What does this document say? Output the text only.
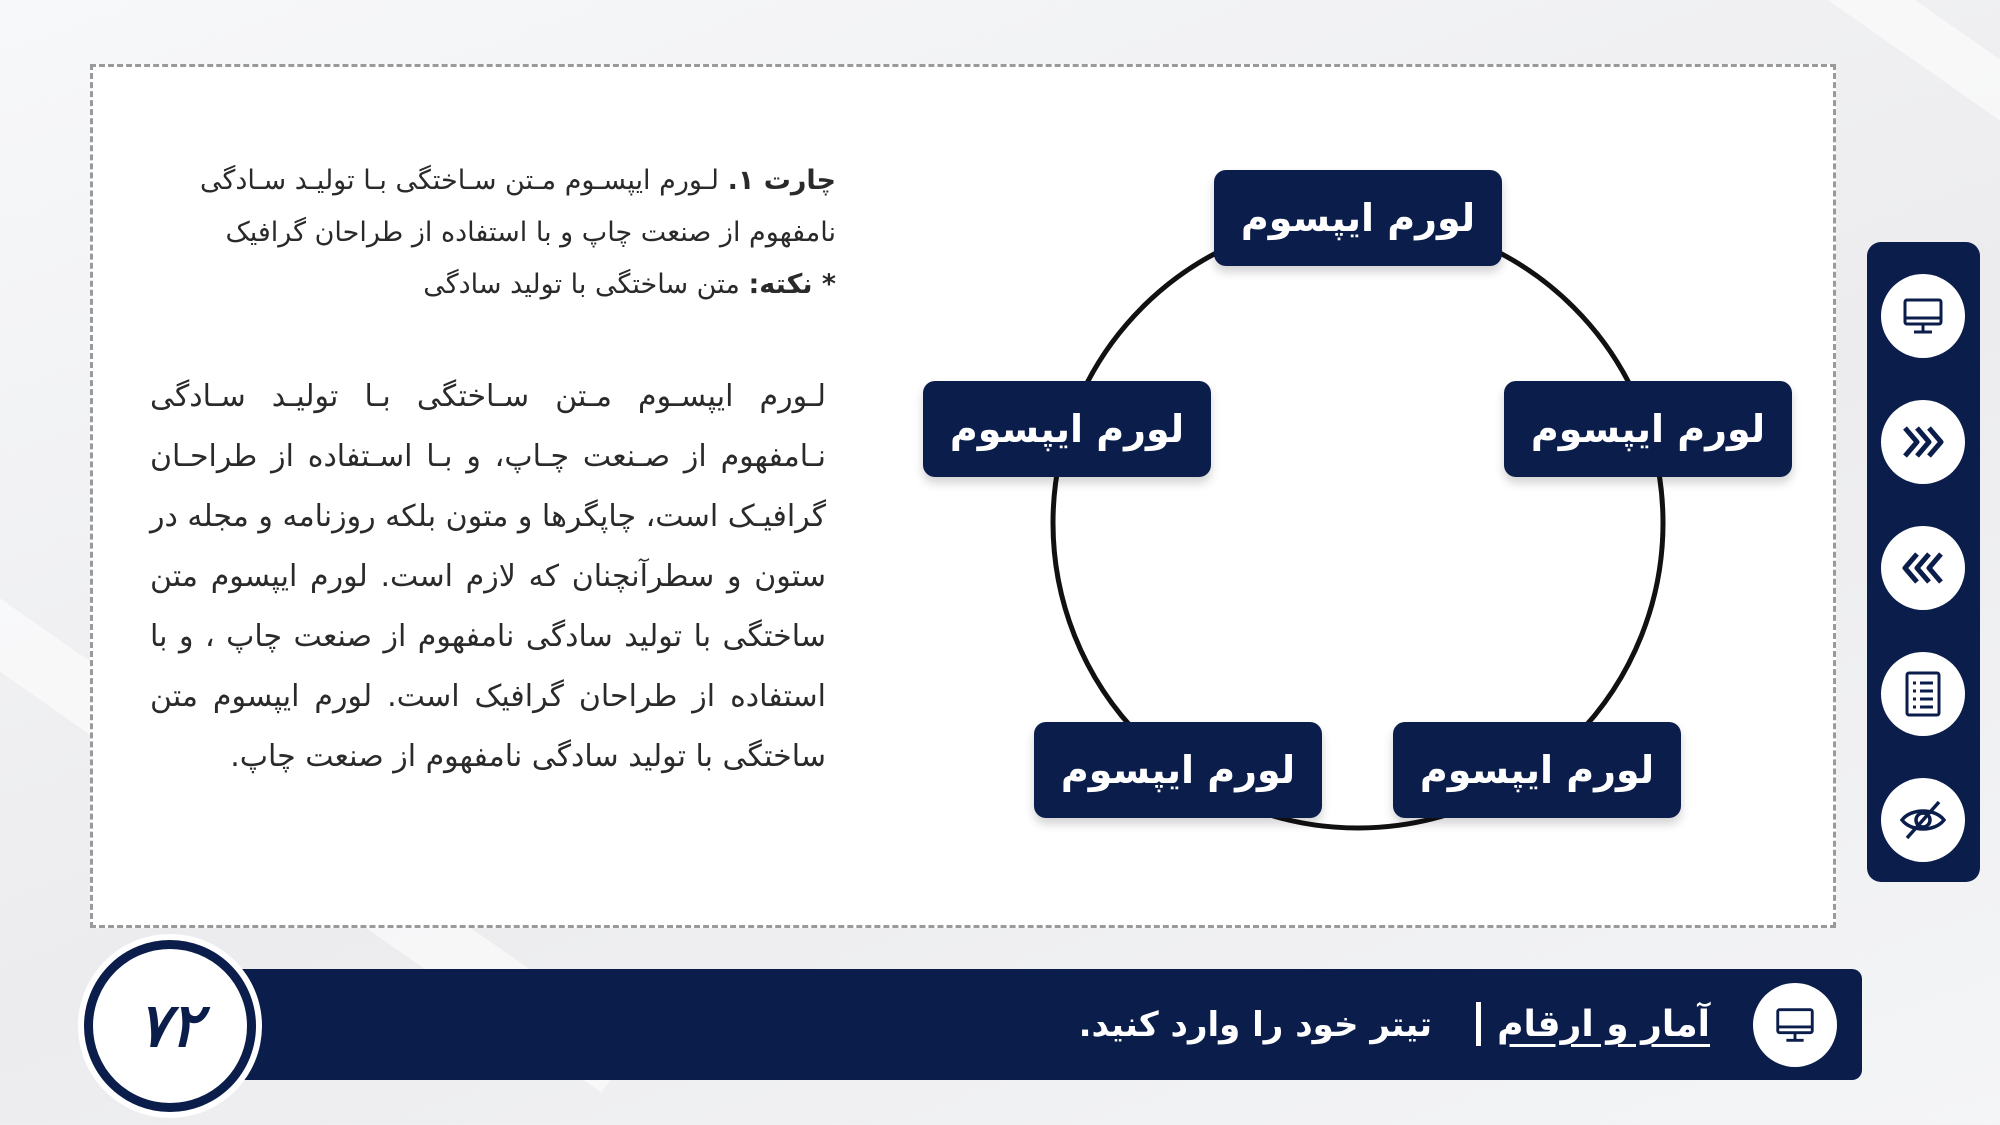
چارت ۱. لـورم ایپسـوم مـتن سـاختگی بـا تولیـد سـادگی
نامفهوم از صنعت چاپ و با استفاده از طراحان گرافیک
* نکته: متن ساختگی با تولید سادگی
لـورم ایپسـوم مـتن سـاختگی بـا تولیـد سـادگی نـامفهوم از صـنعت چـاپ، و بـا اسـتفاده از طراحـان گرافیـک است، چاپگرها و متون بلکه روزنامه و مجله در ستون و سطرآنچنان که لازم است. لورم ایپسوم متن ساختگی با تولید سادگی نامفهوم از صنعت چاپ ، و با استفاده از طراحان گرافیک است. لورم ایپسوم متن ساختگی با تولید سادگی نامفهوم از صنعت چاپ.
لورم ایپسوم
لورم ایپسوم
لورم ایپسوم
لورم ایپسوم
لورم ایپسوم
۷۲	آمار و ارقام
تیتر خود را وارد کنید.
